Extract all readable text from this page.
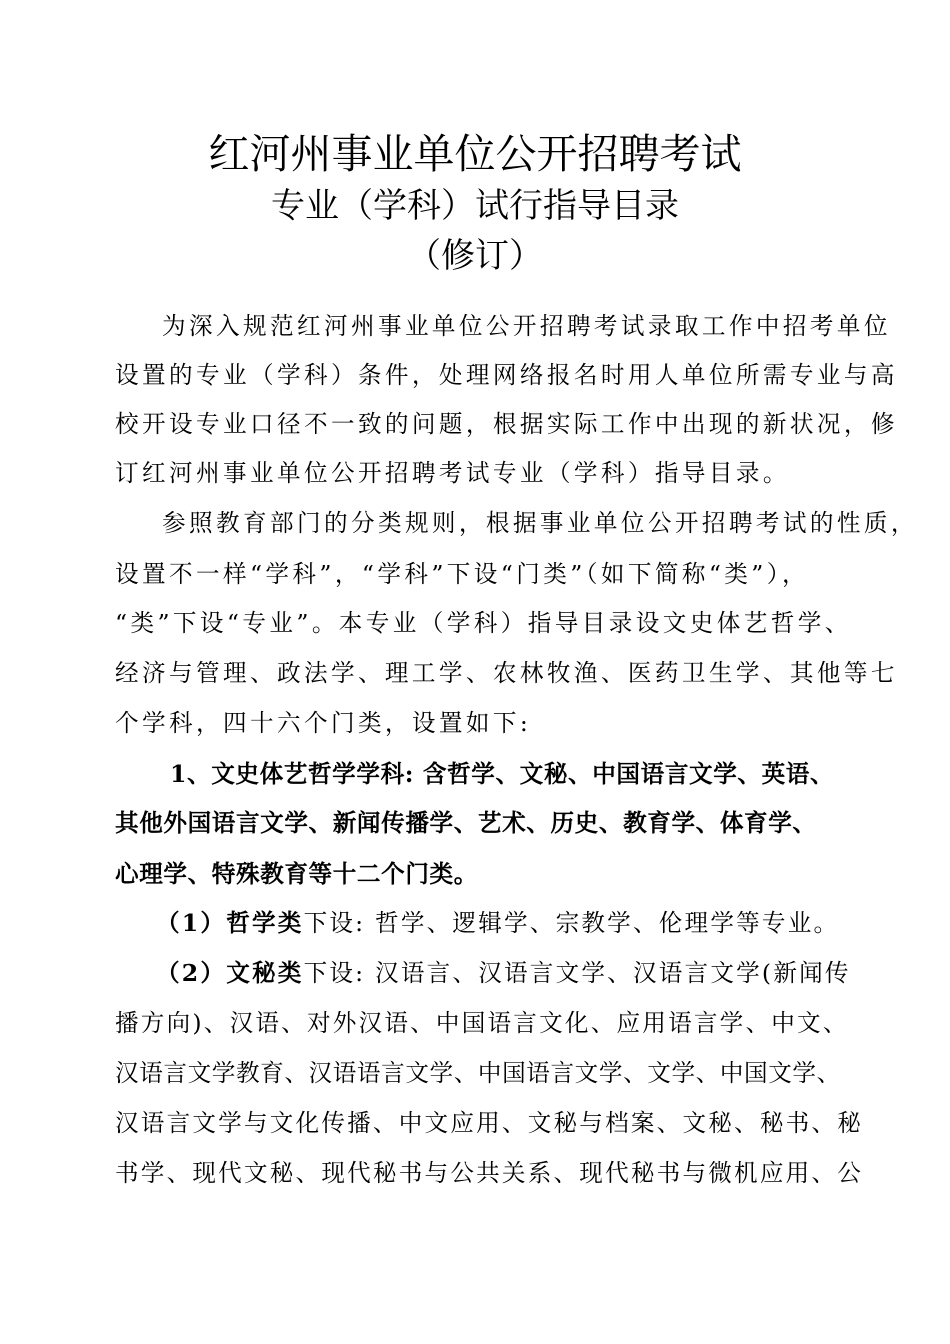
红河州事业单位公开招聘考试
专业（学科）试行指导目录
（修订）
为深入规范红河州事业单位公开招聘考试录取工作中招考单位
设置的专业（学科）条件，处理网络报名时用人单位所需专业与高
校开设专业口径不一致的问题，根据实际工作中出现的新状况，修
订红河州事业单位公开招聘考试专业（学科）指导目录。
参照教育部门的分类规则，根据事业单位公开招聘考试的性质，
设置不一样“学科”，“学科”下设“门类”（如下简称“类”），
“类”下设“专业”。本专业（学科）指导目录设文史体艺哲学、
经济与管理、政法学、理工学、农林牧渔、医药卫生学、其他等七
个学科，四十六个门类，设置如下:
1、文史体艺哲学学科: 含哲学、文秘、中国语言文学、英语、
其他外国语言文学、新闻传播学、艺术、历史、教育学、体育学、
心理学、特殊教育等十二个门类。
（1）哲学类下设: 哲学、逻辑学、宗教学、伦理学等专业。
（2）文秘类下设: 汉语言、汉语言文学、汉语言文学(新闻传
播方向)、汉语、对外汉语、中国语言文化、应用语言学、中文、
汉语言文学教育、汉语语言文学、中国语言文学、文学、中国文学、
汉语言文学与文化传播、中文应用、文秘与档案、文秘、秘书、秘
书学、现代文秘、现代秘书与公共关系、现代秘书与微机应用、公
